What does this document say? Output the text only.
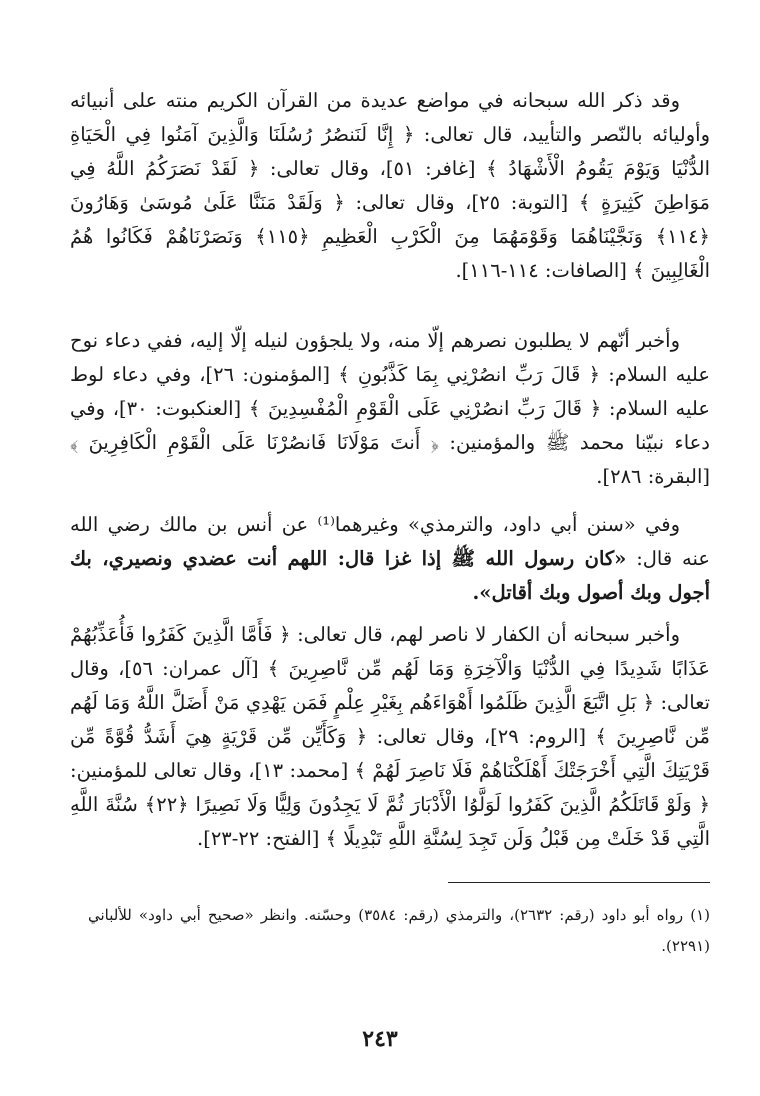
وقد ذكر الله سبحانه في مواضع عديدة من القرآن الكريم منته على أنبيائه وأوليائه بالنّصر والتأييد، قال تعالى: ﴿ إِنَّا لَنَنصُرُ رُسُلَنَا وَالَّذِينَ آمَنُوا فِي الْحَيَاةِ الدُّنْيَا وَيَوْمَ يَقُومُ الْأَشْهَادُ ﴾ [غافر: ٥١]، وقال تعالى: ﴿ لَقَدْ نَصَرَكُمُ اللَّهُ فِي مَوَاطِنَ كَثِيرَةٍ ﴾ [التوبة: ٢٥]، وقال تعالى: ﴿ وَلَقَدْ مَنَنَّا عَلَىٰ مُوسَىٰ وَهَارُونَ ﴿١١٤﴾ وَنَجَّيْنَاهُمَا وَقَوْمَهُمَا مِنَ الْكَرْبِ الْعَظِيمِ ﴿١١٥﴾ وَنَصَرْنَاهُمْ فَكَانُوا هُمُ الْغَالِبِينَ ﴾ [الصافات: ١١٤-١١٦].

وأخبر أنّهم لا يطلبون نصرهم إلّا منه، ولا يلجؤون لنيله إلّا إليه، ففي دعاء نوح عليه السلام: ﴿ قَالَ رَبِّ انصُرْنِي بِمَا كَذَّبُونِ ﴾ [المؤمنون: ٢٦]، وفي دعاء لوط عليه السلام: ﴿ قَالَ رَبِّ انصُرْنِي عَلَى الْقَوْمِ الْمُفْسِدِينَ ﴾ [العنكبوت: ٣٠]، وفي دعاء نبيّنا محمد ﷺ والمؤمنين: ﴿ أَنتَ مَوْلَانَا فَانصُرْنَا عَلَى الْقَوْمِ الْكَافِرِينَ ﴾ [البقرة: ٢٨٦].

وفي «سنن أبي داود، والترمذي» وغيرهما⁽¹⁾ عن أنس بن مالك رضي الله عنه قال: «كان رسول الله ﷺ إذا غزا قال: اللهم أنت عضدي ونصيري، بك أجول وبك أصول وبك أقاتل».

وأخبر سبحانه أن الكفار لا ناصر لهم، قال تعالى: ﴿ فَأَمَّا الَّذِينَ كَفَرُوا فَأُعَذِّبُهُمْ عَذَابًا شَدِيدًا فِي الدُّنْيَا وَالْآخِرَةِ وَمَا لَهُم مِّن نَّاصِرِينَ ﴾ [آل عمران: ٥٦]، وقال تعالى: ﴿ بَلِ اتَّبَعَ الَّذِينَ ظَلَمُوا أَهْوَاءَهُم بِغَيْرِ عِلْمٍ فَمَن يَهْدِي مَنْ أَضَلَّ اللَّهُ وَمَا لَهُم مِّن نَّاصِرِينَ ﴾ [الروم: ٢٩]، وقال تعالى: ﴿ وَكَأَيِّن مِّن قَرْيَةٍ هِيَ أَشَدُّ قُوَّةً مِّن قَرْيَتِكَ الَّتِي أَخْرَجَتْكَ أَهْلَكْنَاهُمْ فَلَا نَاصِرَ لَهُمْ ﴾ [محمد: ١٣]، وقال تعالى للمؤمنين: ﴿ وَلَوْ قَاتَلَكُمُ الَّذِينَ كَفَرُوا لَوَلَّوُا الْأَدْبَارَ ثُمَّ لَا يَجِدُونَ وَلِيًّا وَلَا نَصِيرًا ﴿٢٢﴾ سُنَّةَ اللَّهِ الَّتِي قَدْ خَلَتْ مِن قَبْلُ وَلَن تَجِدَ لِسُنَّةِ اللَّهِ تَبْدِيلًا ﴾ [الفتح: ٢٢-٢٣].

(١) رواه أبو داود (رقم: ٢٦٣٢)، والترمذي (رقم: ٣٥٨٤) وحسّنه. وانظر «صحيح أبي داود» للألباني (٢٢٩١).
٢٤٣
